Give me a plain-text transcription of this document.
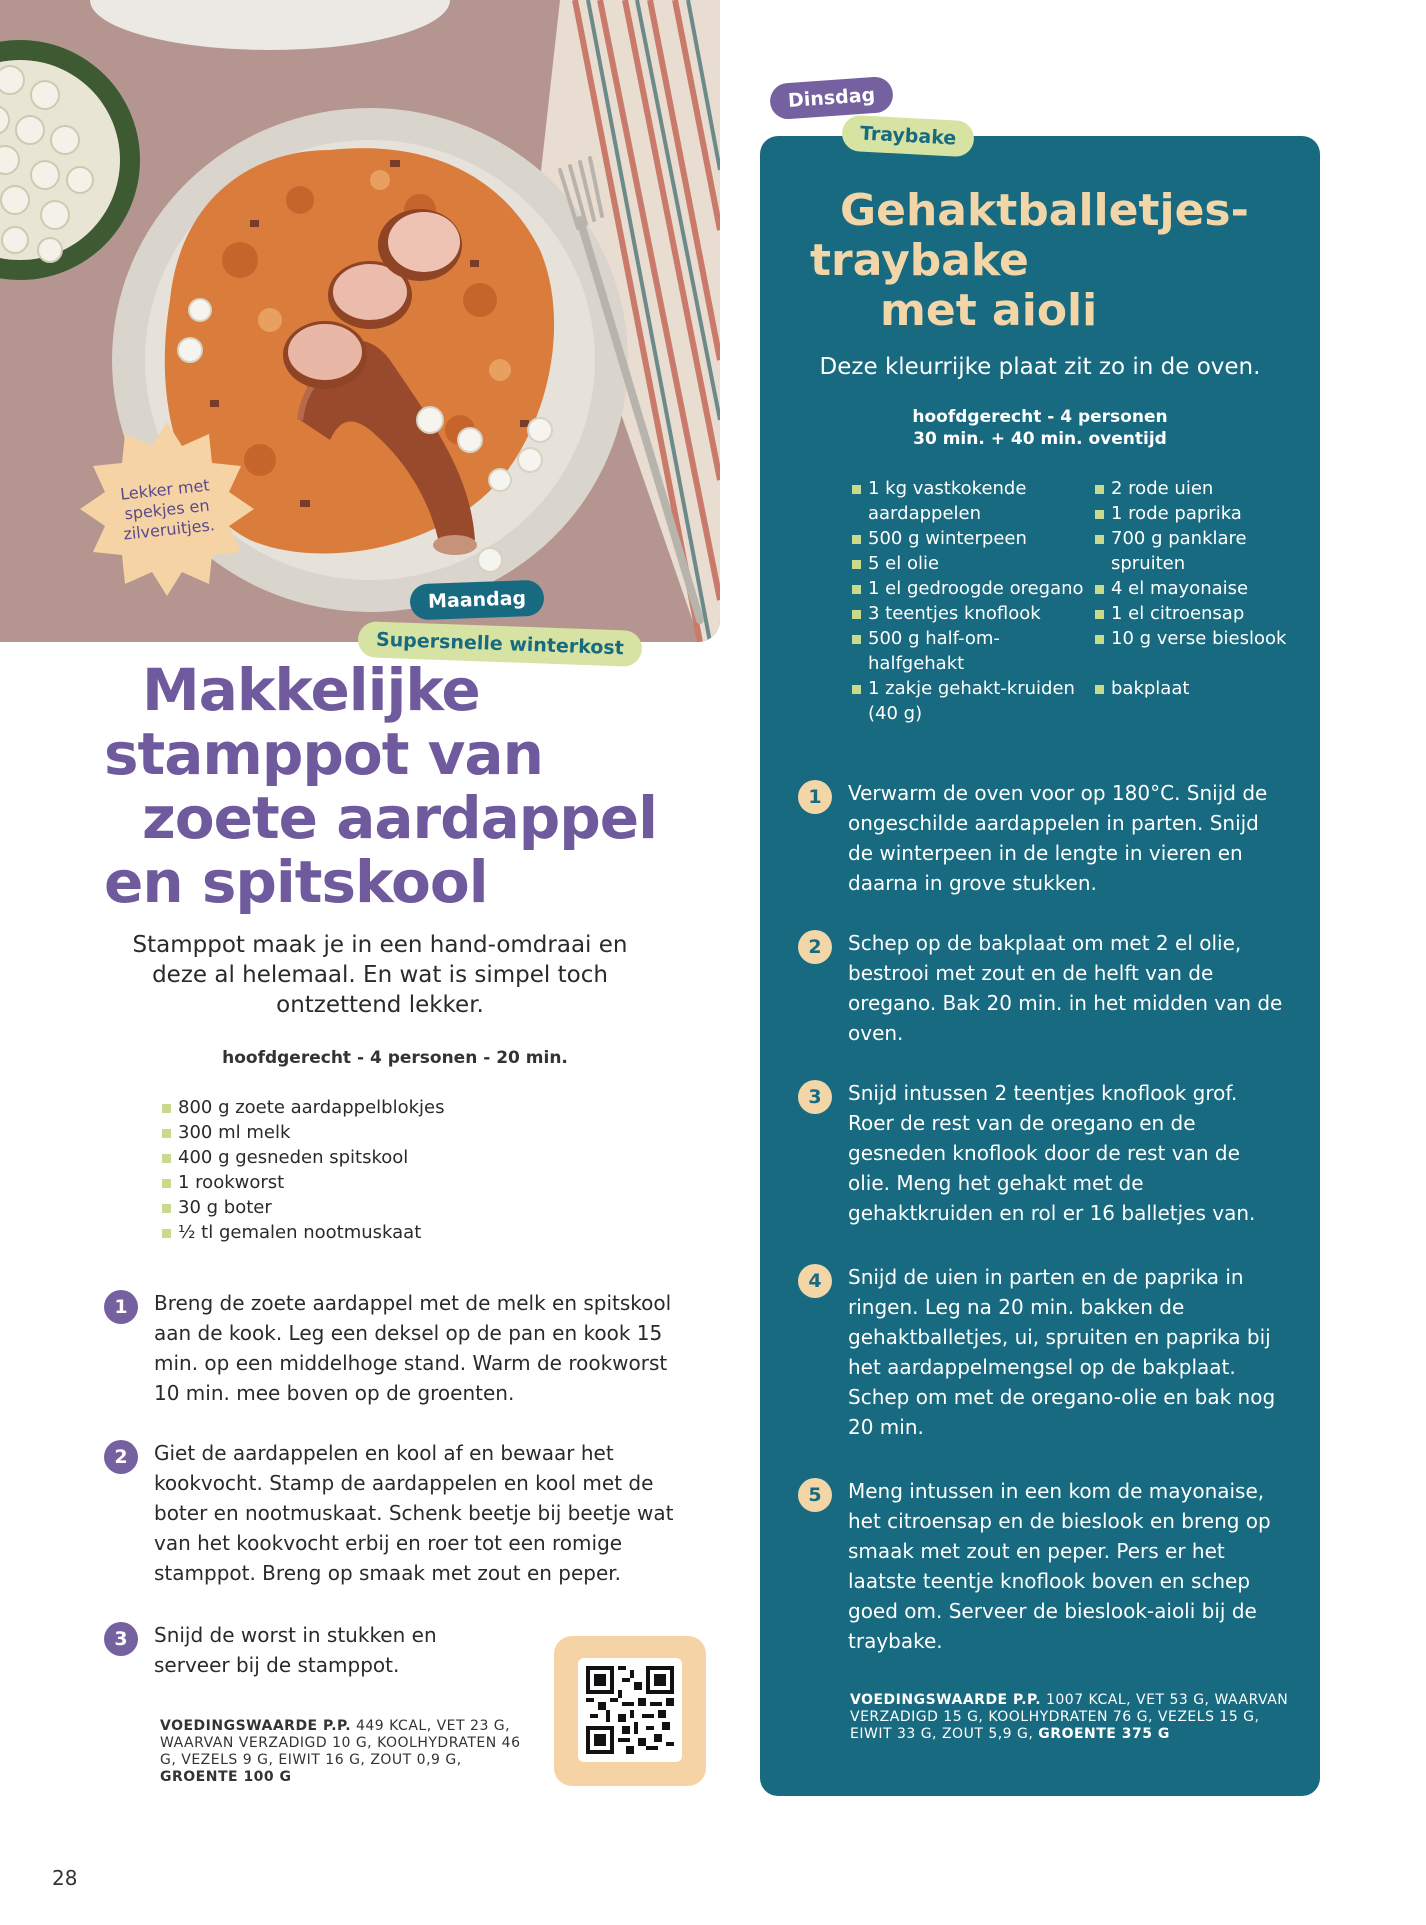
Lekker met spekjes en zilveruitjes.
Maandag
Supersnelle winterkost
Makkelijke
stamppot van
zoete aardappel
en spitskool
Stamppot maak je in een hand-omdraai en deze al helemaal. En wat is simpel toch ontzettend lekker.
hoofdgerecht - 4 personen - 20 min.
800 g zoete aardappelblokjes
300 ml melk
400 g gesneden spitskool
1 rookworst
30 g boter
½ tl gemalen nootmuskaat
1	Breng de zoete aardappel met de melk en spitskool aan de kook. Leg een deksel op de pan en kook 15 min. op een middelhoge stand. Warm de rookworst 10 min. mee boven op de groenten.
2	Giet de aardappelen en kool af en bewaar het kookvocht. Stamp de aardappelen en kool met de boter en nootmuskaat. Schenk beetje bij beetje wat van het kookvocht erbij en roer tot een romige stamppot. Breng op smaak met zout en peper.
3	Snijd de worst in stukken en serveer bij de stamppot.
VOEDINGSWAARDE P.P. 449 KCAL, VET 23 G, WAARVAN VERZADIGD 10 G, KOOLHYDRATEN 46 G, VEZELS 9 G, EIWIT 16 G, ZOUT 0,9 G, GROENTE 100 G
28
Dinsdag
Traybake
Gehaktballetjes-
traybake
met aioli
Deze kleurrijke plaat zit zo in de oven.
hoofdgerecht - 4 personen
30 min. + 40 min. oventijd
1 kg vastkokende aardappelen
500 g winterpeen
5 el olie
1 el gedroogde oregano
3 teentjes knoflook
500 g half-om-halfgehakt
1 zakje gehakt-kruiden (40 g)
2 rode uien
1 rode paprika
700 g panklare spruiten
4 el mayonaise
1 el citroensap
10 g verse bieslook
bakplaat
1	Verwarm de oven voor op 180°C. Snijd de ongeschilde aardappelen in parten. Snijd de winterpeen in de lengte in vieren en daarna in grove stukken.
2	Schep op de bakplaat om met 2 el olie, bestrooi met zout en de helft van de oregano. Bak 20 min. in het midden van de oven.
3	Snijd intussen 2 teentjes knoflook grof. Roer de rest van de oregano en de gesneden knoflook door de rest van de olie. Meng het gehakt met de gehaktkruiden en rol er 16 balletjes van.
4	Snijd de uien in parten en de paprika in ringen. Leg na 20 min. bakken de gehaktballetjes, ui, spruiten en paprika bij het aardappelmengsel op de bakplaat. Schep om met de oregano-olie en bak nog 20 min.
5	Meng intussen in een kom de mayonaise, het citroensap en de bieslook en breng op smaak met zout en peper. Pers er het laatste teentje knoflook boven en schep goed om. Serveer de bieslook-aioli bij de traybake.
VOEDINGSWAARDE P.P. 1007 KCAL, VET 53 G, WAARVAN VERZADIGD 15 G, KOOLHYDRATEN 76 G, VEZELS 15 G, EIWIT 33 G, ZOUT 5,9 G, GROENTE 375 G
